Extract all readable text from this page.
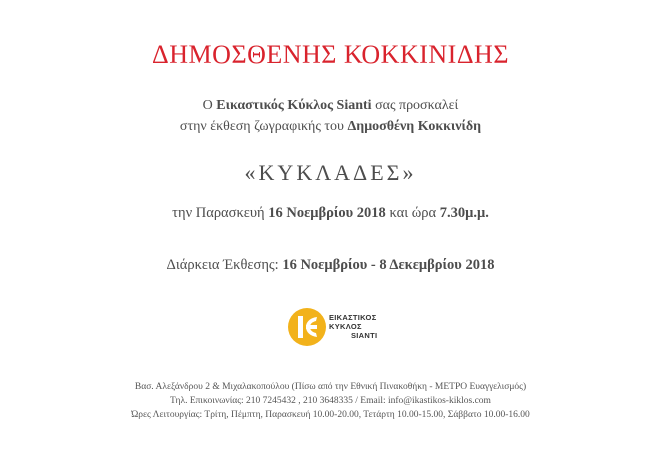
ΔΗΜΟΣΘΕΝΗΣ ΚΟΚΚΙΝΙΔΗΣ
Ο Εικαστικός Κύκλος Sianti σας προσκαλεί
στην έκθεση ζωγραφικής του Δημοσθένη Κοκκινίδη
«ΚΥΚΛΑΔΕΣ»
την Παρασκευή 16 Νοεμβρίου 2018 και ώρα 7.30μ.μ.
Διάρκεια Έκθεσης: 16 Νοεμβρίου - 8 Δεκεμβρίου 2018
ΕΙΚΑΣΤΙΚΟΣ
ΚΥΚΛΟΣ
SIANTI
Βασ. Αλεξάνδρου 2 & Μιχαλακοπούλου (Πίσω από την Εθνική Πινακοθήκη - ΜΕΤΡΟ Ευαγγελισμός)
Τηλ. Επικοινωνίας: 210 7245432 , 210 3648335 / Email: info@ikastikos-kiklos.com
Ώρες Λειτουργίας: Τρίτη, Πέμπτη, Παρασκευή 10.00-20.00, Τετάρτη 10.00-15.00, Σάββατο 10.00-16.00
